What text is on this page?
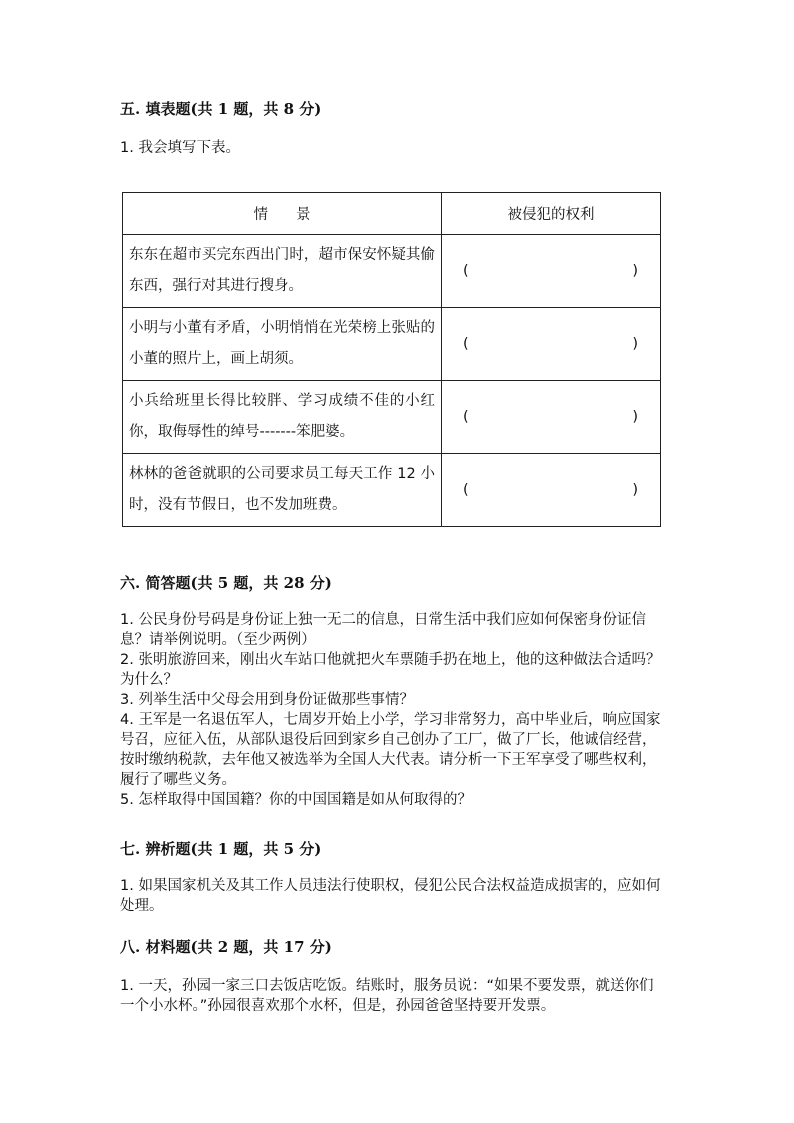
五. 填表题(共 1 题，共 8 分)
1. 我会填写下表。
情 景	被侵犯的权利
东东在超市买完东西出门时，超市保安怀疑其偷东西，强行对其进行搜身。	( )

小明与小董有矛盾，小明悄悄在光荣榜上张贴的小董的照片上，画上胡须。	( )

小兵给班里长得比较胖、学习成绩不佳的小红你，取侮辱性的绰号-------笨肥婆。	( )

林林的爸爸就职的公司要求员工每天工作 12 小时，没有节假日，也不发加班费。	( )
六. 简答题(共 5 题，共 28 分)

1. 公民身份号码是身份证上独一无二的信息，日常生活中我们应如何保密身份证信息？请举例说明。（至少两例）

2. 张明旅游回来，刚出火车站口他就把火车票随手扔在地上，他的这种做法合适吗？为什么？

3. 列举生活中父母会用到身份证做那些事情？

4. 王军是一名退伍军人，七周岁开始上小学，学习非常努力，高中毕业后，响应国家号召，应征入伍，从部队退役后回到家乡自己创办了工厂，做了厂长，他诚信经营，按时缴纳税款，去年他又被选举为全国人大代表。请分析一下王军享受了哪些权利，履行了哪些义务。

5. 怎样取得中国国籍？你的中国国籍是如从何取得的？

七. 辨析题(共 1 题，共 5 分)
1. 如果国家机关及其工作人员违法行使职权，侵犯公民合法权益造成损害的，应如何处理。
八. 材料题(共 2 题，共 17 分)
1. 一天，孙园一家三口去饭店吃饭。结账时，服务员说：“如果不要发票，就送你们一个小水杯。”孙园很喜欢那个水杯，但是，孙园爸爸坚持要开发票。
